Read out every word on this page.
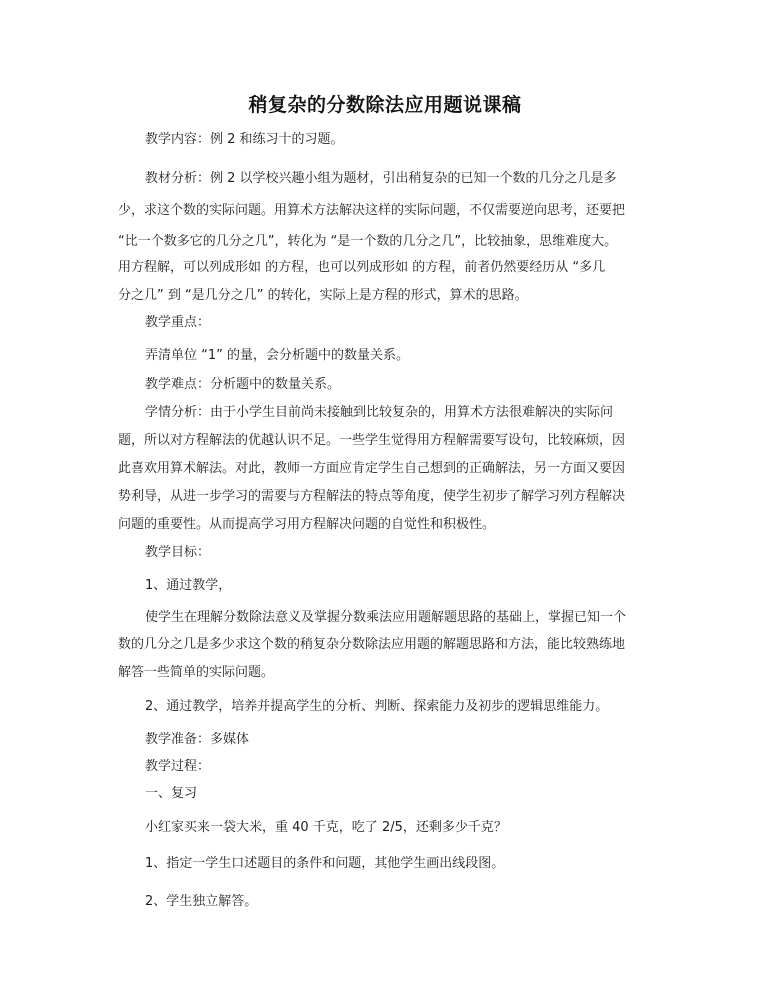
稍复杂的分数除法应用题说课稿
教学内容：例 2 和练习十的习题。
教材分析：例 2 以学校兴趣小组为题材，引出稍复杂的已知一个数的几分之几是多
少，求这个数的实际问题。用算术方法解决这样的实际问题，不仅需要逆向思考，还要把
“比一个数多它的几分之几”，转化为 “是一个数的几分之几”，比较抽象，思维难度大。
用方程解，可以列成形如 的方程，也可以列成形如 的方程，前者仍然要经历从 “多几
分之几” 到 “是几分之几” 的转化，实际上是方程的形式，算术的思路。
教学重点：
弄清单位 “1” 的量，会分析题中的数量关系。
教学难点：分析题中的数量关系。
学情分析：由于小学生目前尚未接触到比较复杂的，用算术方法很难解决的实际问
题，所以对方程解法的优越认识不足。一些学生觉得用方程解需要写设句，比较麻烦，因
此喜欢用算术解法。对此，教师一方面应肯定学生自己想到的正确解法，另一方面又要因
势利导，从进一步学习的需要与方程解法的特点等角度，使学生初步了解学习列方程解决
问题的重要性。从而提高学习用方程解决问题的自觉性和积极性。
教学目标：
1、通过教学，
使学生在理解分数除法意义及掌握分数乘法应用题解题思路的基础上，掌握已知一个
数的几分之几是多少求这个数的稍复杂分数除法应用题的解题思路和方法，能比较熟练地
解答一些简单的实际问题。
2、通过教学，培养并提高学生的分析、判断、探索能力及初步的逻辑思维能力。
教学准备：多媒体
教学过程：
一、复习
小红家买来一袋大米，重 40 千克，吃了 2/5，还剩多少千克？
1、指定一学生口述题目的条件和问题，其他学生画出线段图。
2、学生独立解答。
